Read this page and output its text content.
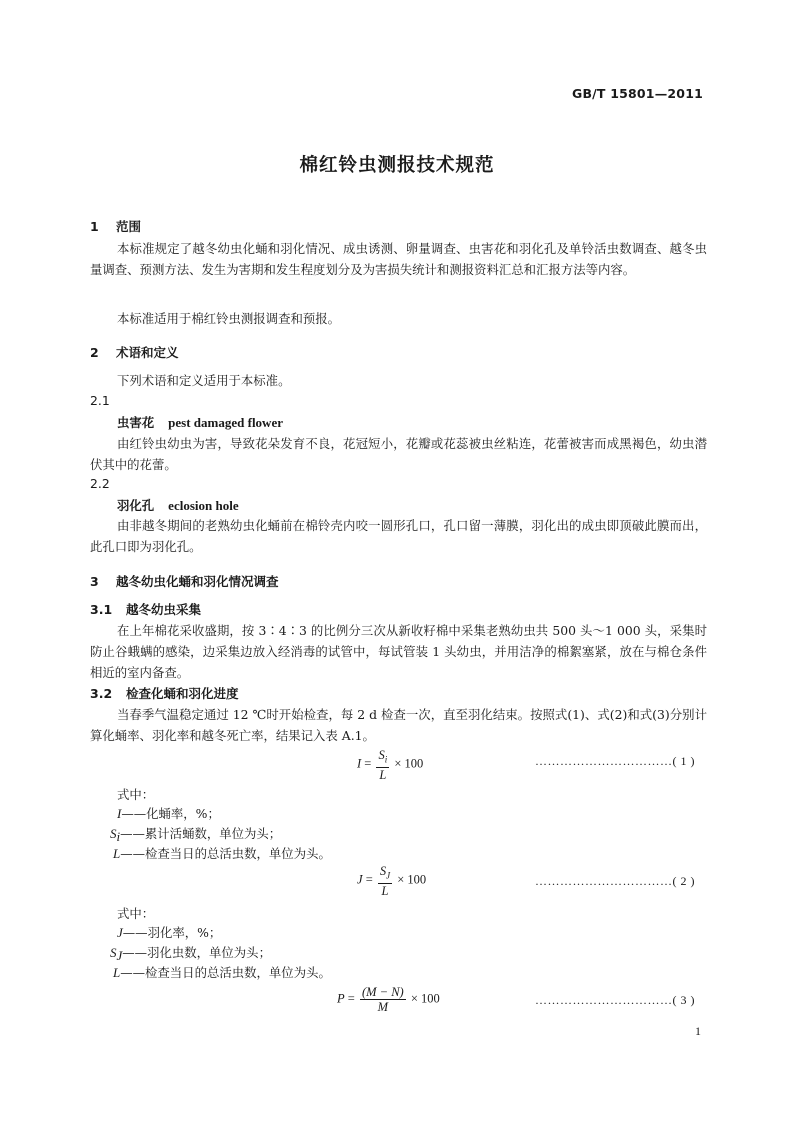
GB/T 15801—2011
棉红铃虫测报技术规范
1 范围
本标准规定了越冬幼虫化蛹和羽化情况、成虫诱测、卵量调查、虫害花和羽化孔及单铃活虫数调查、越冬虫量调查、预测方法、发生为害期和发生程度划分及为害损失统计和测报资料汇总和汇报方法等内容。
本标准适用于棉红铃虫测报调查和预报。
2 术语和定义
下列术语和定义适用于本标准。
2.1
虫害花 pest damaged flower
由红铃虫幼虫为害，导致花朵发育不良，花冠短小，花瓣或花蕊被虫丝粘连，花蕾被害而成黑褐色，幼虫潜伏其中的花蕾。
2.2
羽化孔 eclosion hole
由非越冬期间的老熟幼虫化蛹前在棉铃壳内咬一圆形孔口，孔口留一薄膜，羽化出的成虫即顶破此膜而出，此孔口即为羽化孔。
3 越冬幼虫化蛹和羽化情况调查
3.1 越冬幼虫采集
在上年棉花采收盛期，按 3∶4∶3 的比例分三次从新收籽棉中采集老熟幼虫共 500 头～1 000 头，采集时防止谷蛾螨的感染，边采集边放入经消毒的试管中，每试管装 1 头幼虫，并用洁净的棉絮塞紧，放在与棉仓条件相近的室内备查。
3.2 检查化蛹和羽化进度
当春季气温稳定通过 12 ℃时开始检查，每 2 d 检查一次，直至羽化结束。按照式(1)、式(2)和式(3)分别计算化蛹率、羽化率和越冬死亡率，结果记入表 A.1。
$I = \frac{S_i}{L} \times 100$	……………………………( 1 )
式中：
I——化蛹率，%；
$S_i——$累计活蛹数，单位为头；
L——检查当日的总活虫数，单位为头。
$J = \frac{S_J}{L} \times 100$	……………………………( 2 )
式中：
J——羽化率，%；
$S_J——$羽化虫数，单位为头；
L——检查当日的总活虫数，单位为头。
$P = \frac{(M - N)}{M} \times 100$	……………………………( 3 )
1
